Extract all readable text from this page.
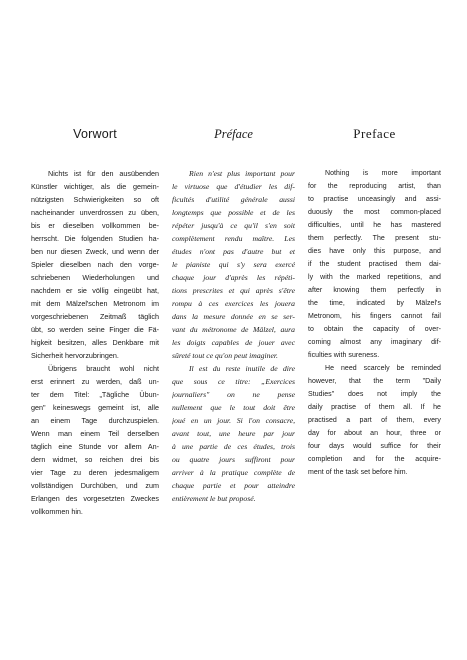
Vorwort
Nichts ist für den ausübenden
Künstler wichtiger, als die gemein-
nützigsten Schwierigkeiten so oft
nacheinander unverdrossen zu üben,
bis er dieselben vollkommen be-
herrscht. Die folgenden Studien ha-
ben nur diesen Zweck, und wenn der
Spieler dieselben nach den vorge-
schriebenen Wiederholungen und
nachdem er sie völlig eingeübt hat,
mit dem Mälzel'schen Metronom im
vorgeschriebenen Zeitmaß täglich
übt, so werden seine Finger die Fä-
higkeit besitzen, alles Denkbare mit
Sicherheit hervorzubringen.
Übrigens braucht wohl nicht
erst erinnert zu werden, daß un-
ter dem Titel: „Tägliche Übun-
gen" keineswegs gemeint ist, alle
an einem Tage durchzuspielen.
Wenn man einem Teil derselben
täglich eine Stunde vor allem An-
dern widmet, so reichen drei bis
vier Tage zu deren jedesmaligem
vollständigen Durchüben, und zum
Erlangen des vorgesetzten Zweckes
vollkommen hin.
Préface
Rien n'est plus important pour
le virtuose que d'étudier les dif-
ficultés d'utilité générale aussi
longtemps que possible et de les
répéter jusqu'à ce qu'il s'en soit
complètement rendu maître. Les
études n'ont pas d'autre but et
le pianiste qui s'y sera exercé
chaque jour d'après les répéti-
tions prescrites et qui après s'être
rompu à ces exercices les jouera
dans la mesure donnée en se ser-
vant du métronome de Mälzel, aura
les doigts capables de jouer avec
sûreté tout ce qu'on peut imaginer.
Il est du reste inutile de dire
que sous ce titre: „Exercices
journaliers" on ne pense
nullement que le tout doit être
joué en un jour. Si l'on consacre,
avant tout, une heure par jour
à une partie de ces études, trois
ou quatre jours suffiront pour
arriver à la pratique complète de
chaque partie et pour atteindre
entièrement le but proposé.
Preface
Nothing is more important
for the reproducing artist, than
to practise unceasingly and assi-
duously the most common-placed
difficulties, until he has mastered
them perfectly. The present stu-
dies have only this purpose, and
if the student practised them dai-
ly with the marked repetitions, and
after knowing them perfectly in
the time, indicated by Mälzel's
Metronom, his fingers cannot fail
to obtain the capacity of over-
coming almost any imaginary dif-
ficulties with sureness.
He need scarcely be reminded
however, that the term "Daily
Studies" does not imply the
daily practise of them all. If he
practised a part of them, every
day for about an hour, three or
four days would suffice for their
completion and for the acquire-
ment of the task set before him.
